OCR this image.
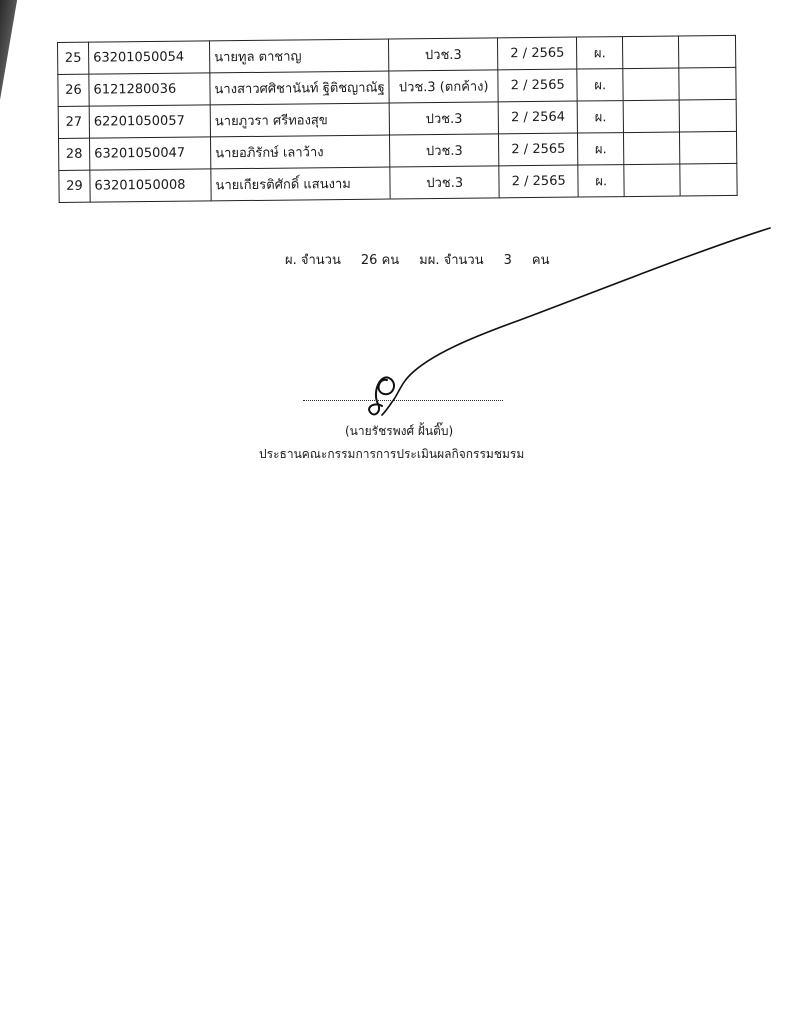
25	63201050054	นายทูล ตาชาญ	ปวช.3	2 / 2565	ผ.		
26	6121280036	นางสาวศศิชานันท์ ฐิติชญาณัฐ	ปวช.3 (ตกค้าง)	2 / 2565	ผ.		
27	62201050057	นายภูวรา ศรีทองสุข	ปวช.3	2 / 2564	ผ.		
28	63201050047	นายอภิรักษ์ เลาว้าง	ปวช.3	2 / 2565	ผ.		
29	63201050008	นายเกียรติศักดิ์ แสนงาม	ปวช.3	2 / 2565	ผ.		
ผ. จำนวน 26 คน มผ. จำนวน 3 คน
(นายรัชรพงศ์ ฝั้นติ๊บ)
ประธานคณะกรรมการการประเมินผลกิจกรรมชมรม
